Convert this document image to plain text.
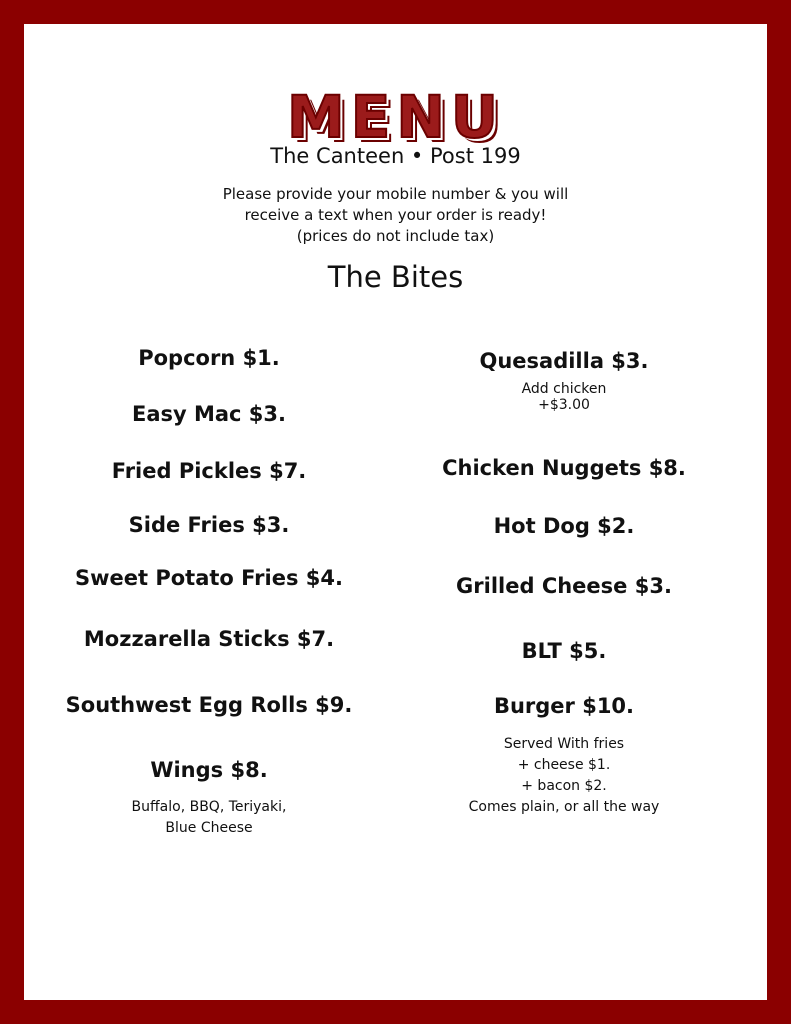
MENU
The Canteen • Post 199
Please provide your mobile number & you will
receive a text when your order is ready!
(prices do not include tax)
The Bites
Popcorn $1.
Easy Mac $3.
Fried Pickles $7.
Side Fries $3.
Sweet Potato Fries $4.
Mozzarella Sticks $7.
Southwest Egg Rolls $9.
Wings $8.
Buffalo, BBQ, Teriyaki,
Blue Cheese
Quesadilla $3.
Add chicken
+$3.00
Chicken Nuggets $8.
Hot Dog $2.
Grilled Cheese $3.
BLT $5.
Burger $10.
Served With fries
+ cheese $1.
+ bacon $2.
Comes plain, or all the way
